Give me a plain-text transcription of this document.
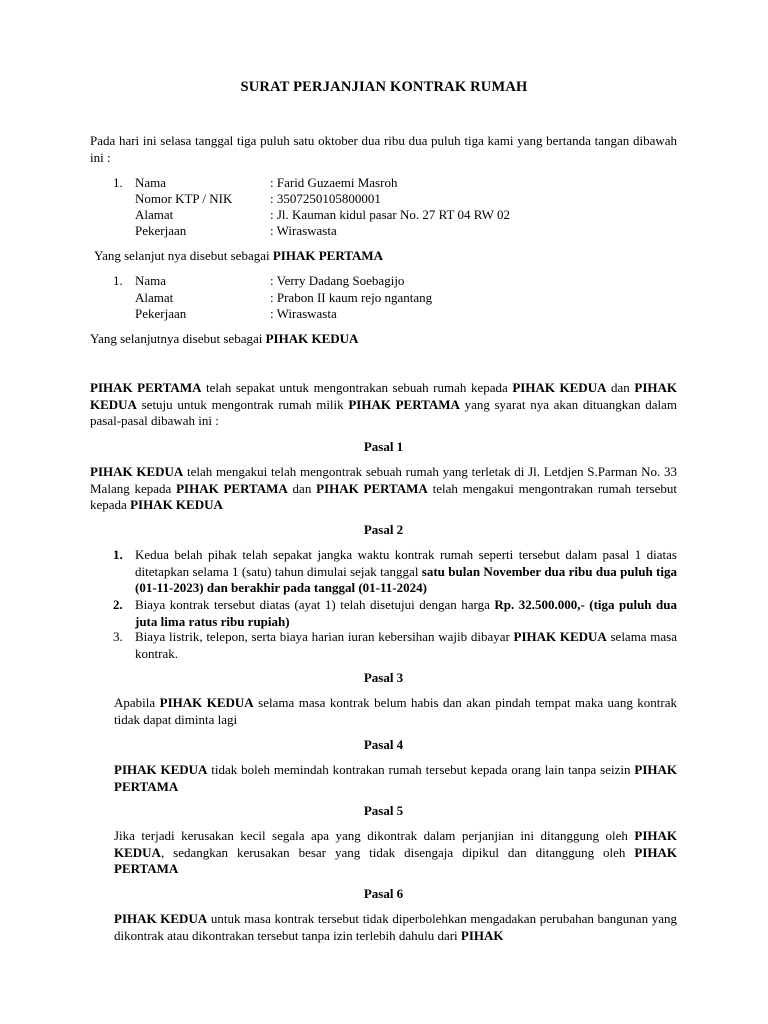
SURAT PERJANJIAN KONTRAK RUMAH
Pada hari ini selasa tanggal tiga puluh satu oktober dua ribu dua puluh tiga kami yang bertanda tangan dibawah ini :
1. Nama	: Farid Guzaemi Masroh
Nomor KTP / NIK	: 3507250105800001
Alamat	: Jl. Kauman kidul pasar No. 27 RT 04 RW 02
Pekerjaan	: Wiraswasta
Yang selanjut nya disebut sebagai PIHAK PERTAMA
1. Nama	: Verry Dadang Soebagijo
Alamat	: Prabon II kaum rejo ngantang
Pekerjaan	: Wiraswasta
Yang selanjutnya disebut sebagai PIHAK KEDUA
PIHAK PERTAMA telah sepakat untuk mengontrakan sebuah rumah kepada PIHAK KEDUA dan PIHAK KEDUA setuju untuk mengontrak rumah milik PIHAK PERTAMA yang syarat nya akan dituangkan dalam pasal-pasal dibawah ini :
Pasal 1
PIHAK KEDUA telah mengakui telah mengontrak sebuah rumah yang terletak di Jl. Letdjen S.Parman No. 33 Malang kepada PIHAK PERTAMA dan PIHAK PERTAMA telah mengakui mengontrakan rumah tersebut kepada PIHAK KEDUA
Pasal 2
1. Kedua belah pihak telah sepakat jangka waktu kontrak rumah seperti tersebut dalam pasal 1 diatas ditetapkan selama 1 (satu) tahun dimulai sejak tanggal satu bulan November dua ribu dua puluh tiga (01-11-2023) dan berakhir pada tanggal (01-11-2024)
2. Biaya kontrak tersebut diatas (ayat 1) telah disetujui dengan harga Rp. 32.500.000,- (tiga puluh dua juta lima ratus ribu rupiah)
3. Biaya listrik, telepon, serta biaya harian iuran kebersihan wajib dibayar PIHAK KEDUA selama masa kontrak.
Pasal 3
Apabila PIHAK KEDUA selama masa kontrak belum habis dan akan pindah tempat maka uang kontrak tidak dapat diminta lagi
Pasal 4
PIHAK KEDUA tidak boleh memindah kontrakan rumah tersebut kepada orang lain tanpa seizin PIHAK PERTAMA
Pasal 5
Jika terjadi kerusakan kecil segala apa yang dikontrak dalam perjanjian ini ditanggung oleh PIHAK KEDUA, sedangkan kerusakan besar yang tidak disengaja dipikul dan ditanggung oleh PIHAK PERTAMA
Pasal 6
PIHAK KEDUA untuk masa kontrak tersebut tidak diperbolehkan mengadakan perubahan bangunan yang dikontrak atau dikontrakan tersebut tanpa izin terlebih dahulu dari PIHAK
